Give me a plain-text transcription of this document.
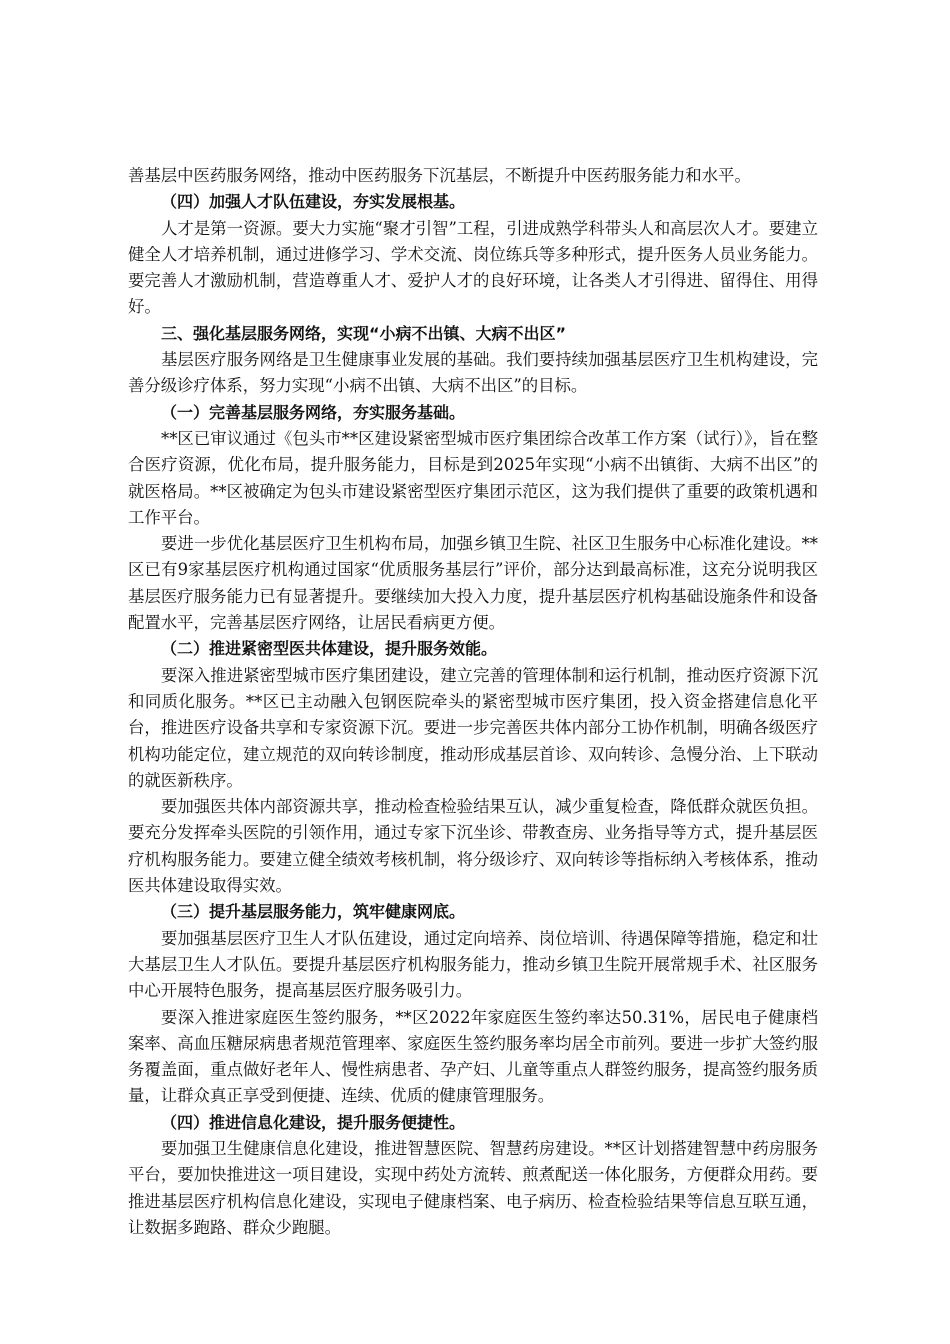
善基层中医药服务网络，推动中医药服务下沉基层，不断提升中医药服务能力和水平。

（四）加强人才队伍建设，夯实发展根基。

人才是第一资源。要大力实施“聚才引智”工程，引进成熟学科带头人和高层次人才。要建立健全人才培养机制，通过进修学习、学术交流、岗位练兵等多种形式，提升医务人员业务能力。要完善人才激励机制，营造尊重人才、爱护人才的良好环境，让各类人才引得进、留得住、用得好。

三、强化基层服务网络，实现“小病不出镇、大病不出区”

基层医疗服务网络是卫生健康事业发展的基础。我们要持续加强基层医疗卫生机构建设，完善分级诊疗体系，努力实现“小病不出镇、大病不出区”的目标。

（一）完善基层服务网络，夯实服务基础。

**区已审议通过《包头市**区建设紧密型城市医疗集团综合改革工作方案（试行）》，旨在整合医疗资源，优化布局，提升服务能力，目标是到2025年实现“小病不出镇街、大病不出区”的就医格局。**区被确定为包头市建设紧密型医疗集团示范区，这为我们提供了重要的政策机遇和工作平台。

要进一步优化基层医疗卫生机构布局，加强乡镇卫生院、社区卫生服务中心标准化建设。**区已有9家基层医疗机构通过国家“优质服务基层行”评价，部分达到最高标准，这充分说明我区基层医疗服务能力已有显著提升。要继续加大投入力度，提升基层医疗机构基础设施条件和设备配置水平，完善基层医疗网络，让居民看病更方便。

（二）推进紧密型医共体建设，提升服务效能。

要深入推进紧密型城市医疗集团建设，建立完善的管理体制和运行机制，推动医疗资源下沉和同质化服务。**区已主动融入包钢医院牵头的紧密型城市医疗集团，投入资金搭建信息化平台，推进医疗设备共享和专家资源下沉。要进一步完善医共体内部分工协作机制，明确各级医疗机构功能定位，建立规范的双向转诊制度，推动形成基层首诊、双向转诊、急慢分治、上下联动的就医新秩序。

要加强医共体内部资源共享，推动检查检验结果互认，减少重复检查，降低群众就医负担。要充分发挥牵头医院的引领作用，通过专家下沉坐诊、带教查房、业务指导等方式，提升基层医疗机构服务能力。要建立健全绩效考核机制，将分级诊疗、双向转诊等指标纳入考核体系，推动医共体建设取得实效。

（三）提升基层服务能力，筑牢健康网底。

要加强基层医疗卫生人才队伍建设，通过定向培养、岗位培训、待遇保障等措施，稳定和壮大基层卫生人才队伍。要提升基层医疗机构服务能力，推动乡镇卫生院开展常规手术、社区服务中心开展特色服务，提高基层医疗服务吸引力。

要深入推进家庭医生签约服务，**区2022年家庭医生签约率达50.31%，居民电子健康档案率、高血压糖尿病患者规范管理率、家庭医生签约服务率均居全市前列。要进一步扩大签约服务覆盖面，重点做好老年人、慢性病患者、孕产妇、儿童等重点人群签约服务，提高签约服务质量，让群众真正享受到便捷、连续、优质的健康管理服务。

（四）推进信息化建设，提升服务便捷性。

要加强卫生健康信息化建设，推进智慧医院、智慧药房建设。**区计划搭建智慧中药房服务平台，要加快推进这一项目建设，实现中药处方流转、煎煮配送一体化服务，方便群众用药。要推进基层医疗机构信息化建设，实现电子健康档案、电子病历、检查检验结果等信息互联互通，让数据多跑路、群众少跑腿。
